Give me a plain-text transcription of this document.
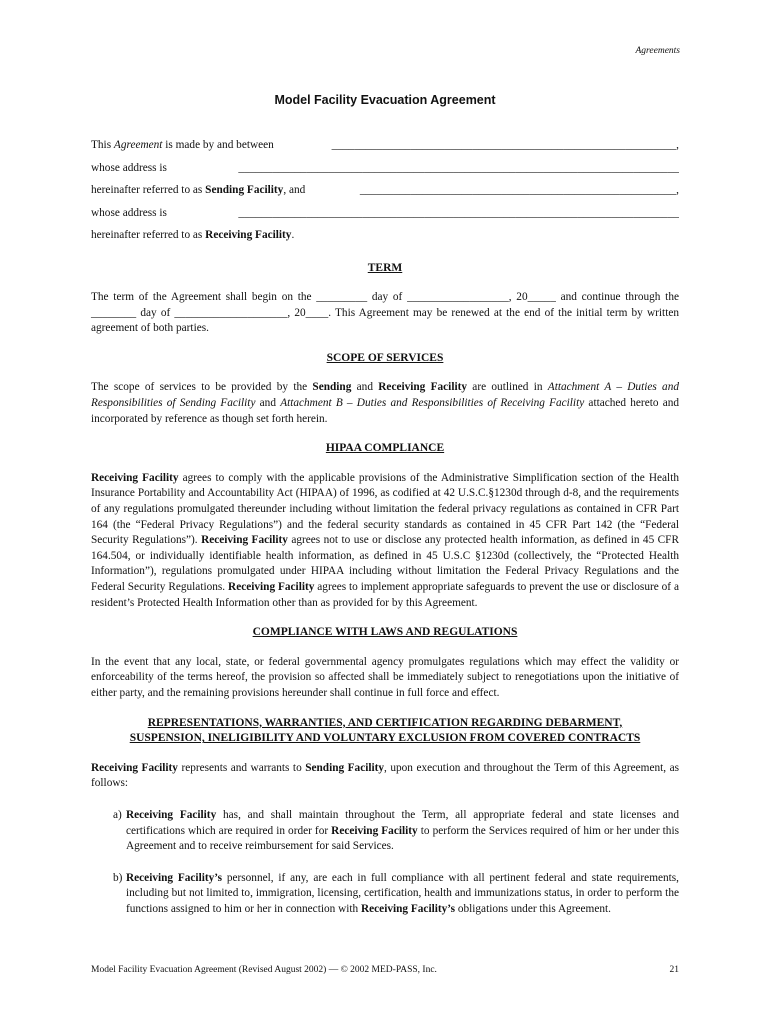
Agreements
Model Facility Evacuation Agreement
This Agreement is made by and between	_____________________________________________________________,
whose address is	______________________________________________________________________________
hereinafter referred to as Sending Facility, and	________________________________________________________,
whose address is	______________________________________________________________________________
hereinafter referred to as Receiving Facility.
TERM

The term of the Agreement shall begin on the _________ day of __________________, 20_____ and continue through the ________ day of ____________________, 20____. This Agreement may be renewed at the end of the initial term by written agreement of both parties.

SCOPE OF SERVICES

The scope of services to be provided by the Sending and Receiving Facility are outlined in Attachment A – Duties and Responsibilities of Sending Facility and Attachment B – Duties and Responsibilities of Receiving Facility attached hereto and incorporated by reference as though set forth herein.

HIPAA COMPLIANCE

Receiving Facility agrees to comply with the applicable provisions of the Administrative Simplification section of the Health Insurance Portability and Accountability Act (HIPAA) of 1996, as codified at 42 U.S.C.§1230d through d-8, and the requirements of any regulations promulgated thereunder including without limitation the federal privacy regulations as contained in CFR Part 164 (the “Federal Privacy Regulations”) and the federal security standards as contained in 45 CFR Part 142 (the “Federal Security Regulations”). Receiving Facility agrees not to use or disclose any protected health information, as defined in 45 CFR 164.504, or individually identifiable health information, as defined in 45 U.S.C §1230d (collectively, the “Protected Health Information”), regulations promulgated under HIPAA including without limitation the Federal Privacy Regulations and the Federal Security Regulations. Receiving Facility agrees to implement appropriate safeguards to prevent the use or disclosure of a resident’s Protected Health Information other than as provided for by this Agreement.

COMPLIANCE WITH LAWS AND REGULATIONS

In the event that any local, state, or federal governmental agency promulgates regulations which may effect the validity or enforceability of the terms hereof, the provision so affected shall be immediately subject to renegotiations upon the initiative of either party, and the remaining provisions hereunder shall continue in full force and effect.

REPRESENTATIONS, WARRANTIES, AND CERTIFICATION REGARDING DEBARMENT,
SUSPENSION, INELIGIBILITY AND VOLUNTARY EXCLUSION FROM COVERED CONTRACTS

Receiving Facility represents and warrants to Sending Facility, upon execution and throughout the Term of this Agreement, as follows:

a) Receiving Facility has, and shall maintain throughout the Term, all appropriate federal and state licenses and certifications which are required in order for Receiving Facility to perform the Services required of him or her under this Agreement and to receive reimbursement for said Services.
b) Receiving Facility’s personnel, if any, are each in full compliance with all pertinent federal and state requirements, including but not limited to, immigration, licensing, certification, health and immunizations status, in order to perform the functions assigned to him or her in connection with Receiving Facility’s obligations under this Agreement.
Model Facility Evacuation Agreement (Revised August 2002) — © 2002 MED-PASS, Inc.	21
